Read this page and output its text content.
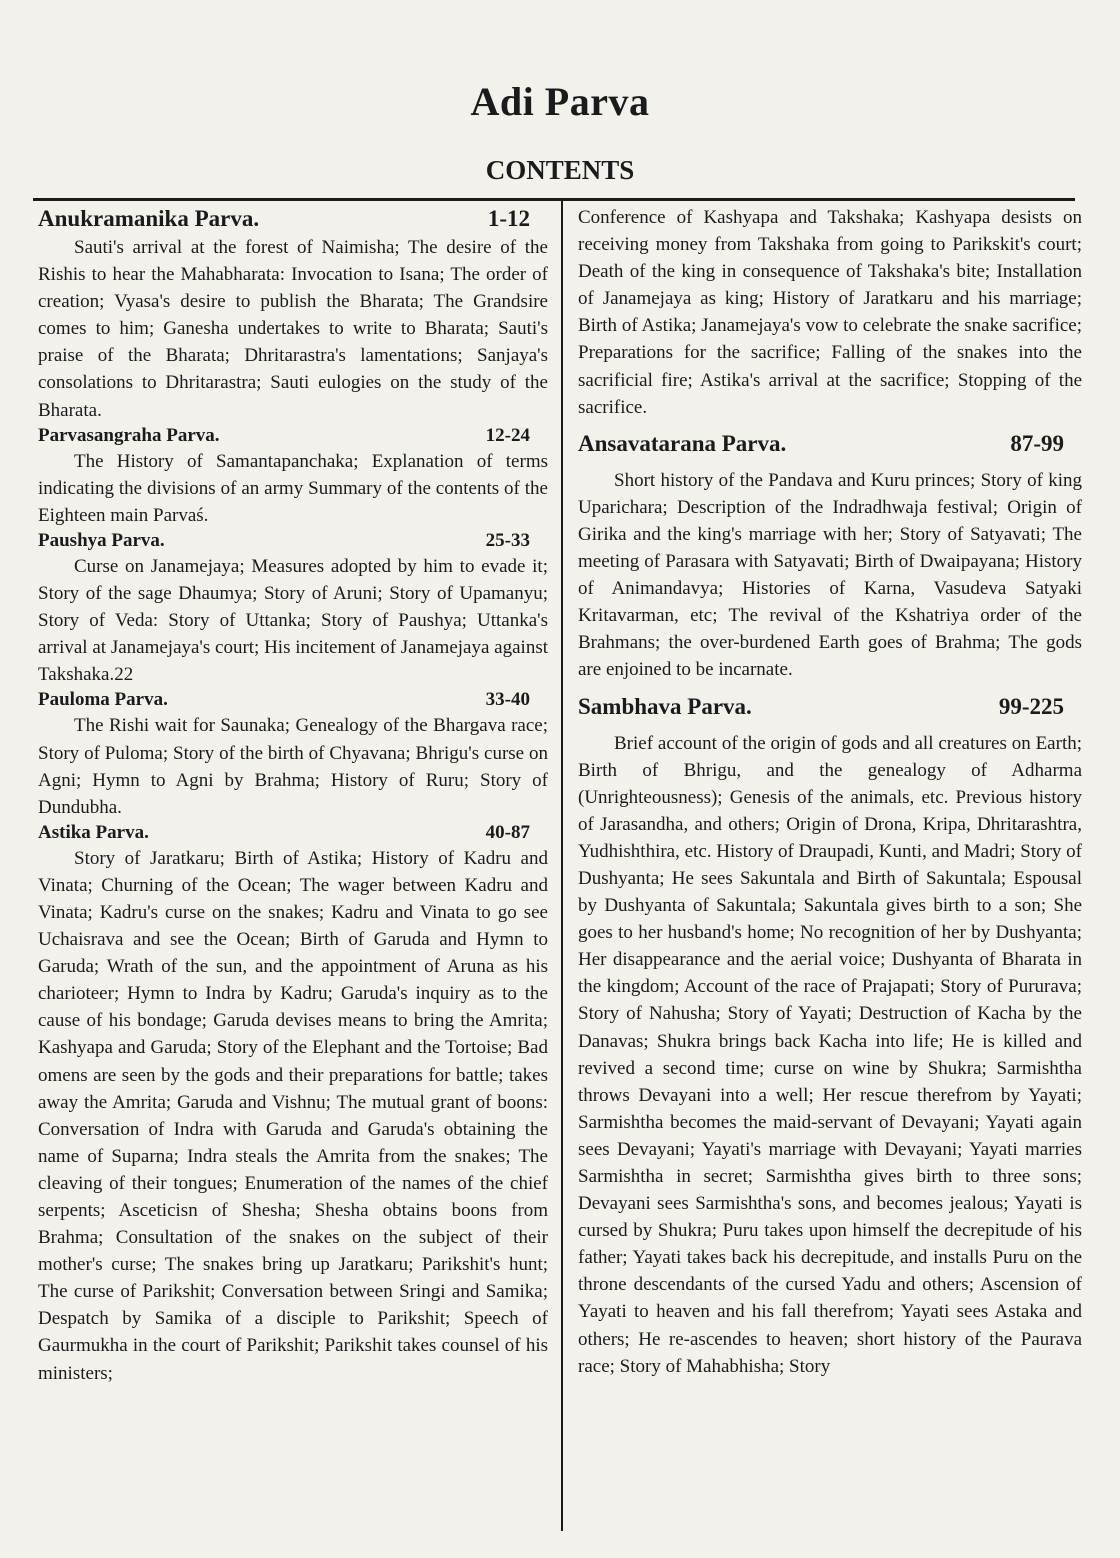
Adi Parva
CONTENTS
Anukramanika Parva.	1-12

Sauti's arrival at the forest of Naimisha; The desire of the Rishis to hear the Mahabharata: Invocation to Isana; The order of creation; Vyasa's desire to publish the Bharata; The Grandsire comes to him; Ganesha undertakes to write to Bharata; Sauti's praise of the Bharata; Dhritarastra's lamentations; Sanjaya's consolations to Dhritarastra; Sauti eulogies on the study of the Bharata.

Parvasangraha Parva.	12-24

The History of Samantapanchaka; Explanation of terms indicating the divisions of an army Summary of the contents of the Eighteen main Parvaś.

Paushya Parva.	25-33

Curse on Janamejaya; Measures adopted by him to evade it; Story of the sage Dhaumya; Story of Aruni; Story of Upamanyu; Story of Veda: Story of Uttanka; Story of Paushya; Uttanka's arrival at Janamejaya's court; His incitement of Janamejaya against Takshaka.22

Pauloma Parva.	33-40

The Rishi wait for Saunaka; Genealogy of the Bhargava race; Story of Puloma; Story of the birth of Chyavana; Bhrigu's curse on Agni; Hymn to Agni by Brahma; History of Ruru; Story of Dundubha.

Astika Parva.	40-87

Story of Jaratkaru; Birth of Astika; History of Kadru and Vinata; Churning of the Ocean; The wager between Kadru and Vinata; Kadru's curse on the snakes; Kadru and Vinata to go see Uchaisrava and see the Ocean; Birth of Garuda and Hymn to Garuda; Wrath of the sun, and the appointment of Aruna as his charioteer; Hymn to Indra by Kadru; Garuda's inquiry as to the cause of his bondage; Garuda devises means to bring the Amrita; Kashyapa and Garuda; Story of the Elephant and the Tortoise; Bad omens are seen by the gods and their preparations for battle; takes away the Amrita; Garuda and Vishnu; The mutual grant of boons: Conversation of Indra with Garuda and Garuda's obtaining the name of Suparna; Indra steals the Amrita from the snakes; The cleaving of their tongues; Enumeration of the names of the chief serpents; Asceticisn of Shesha; Shesha obtains boons from Brahma; Consultation of the snakes on the subject of their mother's curse; The snakes bring up Jaratkaru; Parikshit's hunt; The curse of Parikshit; Conversation between Sringi and Samika; Despatch by Samika of a disciple to Parikshit; Speech of Gaurmukha in the court of Parikshit; Parikshit takes counsel of his ministers;

Conference of Kashyapa and Takshaka; Kashyapa desists on receiving money from Takshaka from going to Parikskit's court; Death of the king in consequence of Takshaka's bite; Installation of Janamejaya as king; History of Jaratkaru and his marriage; Birth of Astika; Janamejaya's vow to celebrate the snake sacrifice; Preparations for the sacrifice; Falling of the snakes into the sacrificial fire; Astika's arrival at the sacrifice; Stopping of the sacrifice.

Ansavatarana Parva.	87-99

Short history of the Pandava and Kuru princes; Story of king Uparichara; Description of the Indradhwaja festival; Origin of Girika and the king's marriage with her; Story of Satyavati; The meeting of Parasara with Satyavati; Birth of Dwaipayana; History of Animandavya; Histories of Karna, Vasudeva Satyaki Kritavarman, etc; The revival of the Kshatriya order of the Brahmans; the over-burdened Earth goes of Brahma; The gods are enjoined to be incarnate.

Sambhava Parva.	99-225

Brief account of the origin of gods and all creatures on Earth; Birth of Bhrigu, and the genealogy of Adharma (Unrighteousness); Genesis of the animals, etc. Previous history of Jarasandha, and others; Origin of Drona, Kripa, Dhritarashtra, Yudhishthira, etc. History of Draupadi, Kunti, and Madri; Story of Dushyanta; He sees Sakuntala and Birth of Sakuntala; Espousal by Dushyanta of Sakuntala; Sakuntala gives birth to a son; She goes to her husband's home; No recognition of her by Dushyanta; Her disappearance and the aerial voice; Dushyanta of Bharata in the kingdom; Account of the race of Prajapati; Story of Pururava; Story of Nahusha; Story of Yayati; Destruction of Kacha by the Danavas; Shukra brings back Kacha into life; He is killed and revived a second time; curse on wine by Shukra; Sarmishtha throws Devayani into a well; Her rescue therefrom by Yayati; Sarmishtha becomes the maid-servant of Devayani; Yayati again sees Devayani; Yayati's marriage with Devayani; Yayati marries Sarmishtha in secret; Sarmishtha gives birth to three sons; Devayani sees Sarmishtha's sons, and becomes jealous; Yayati is cursed by Shukra; Puru takes upon himself the decrepitude of his father; Yayati takes back his decrepitude, and installs Puru on the throne descendants of the cursed Yadu and others; Ascension of Yayati to heaven and his fall therefrom; Yayati sees Astaka and others; He re-ascendes to heaven; short history of the Paurava race; Story of Mahabhisha; Story
